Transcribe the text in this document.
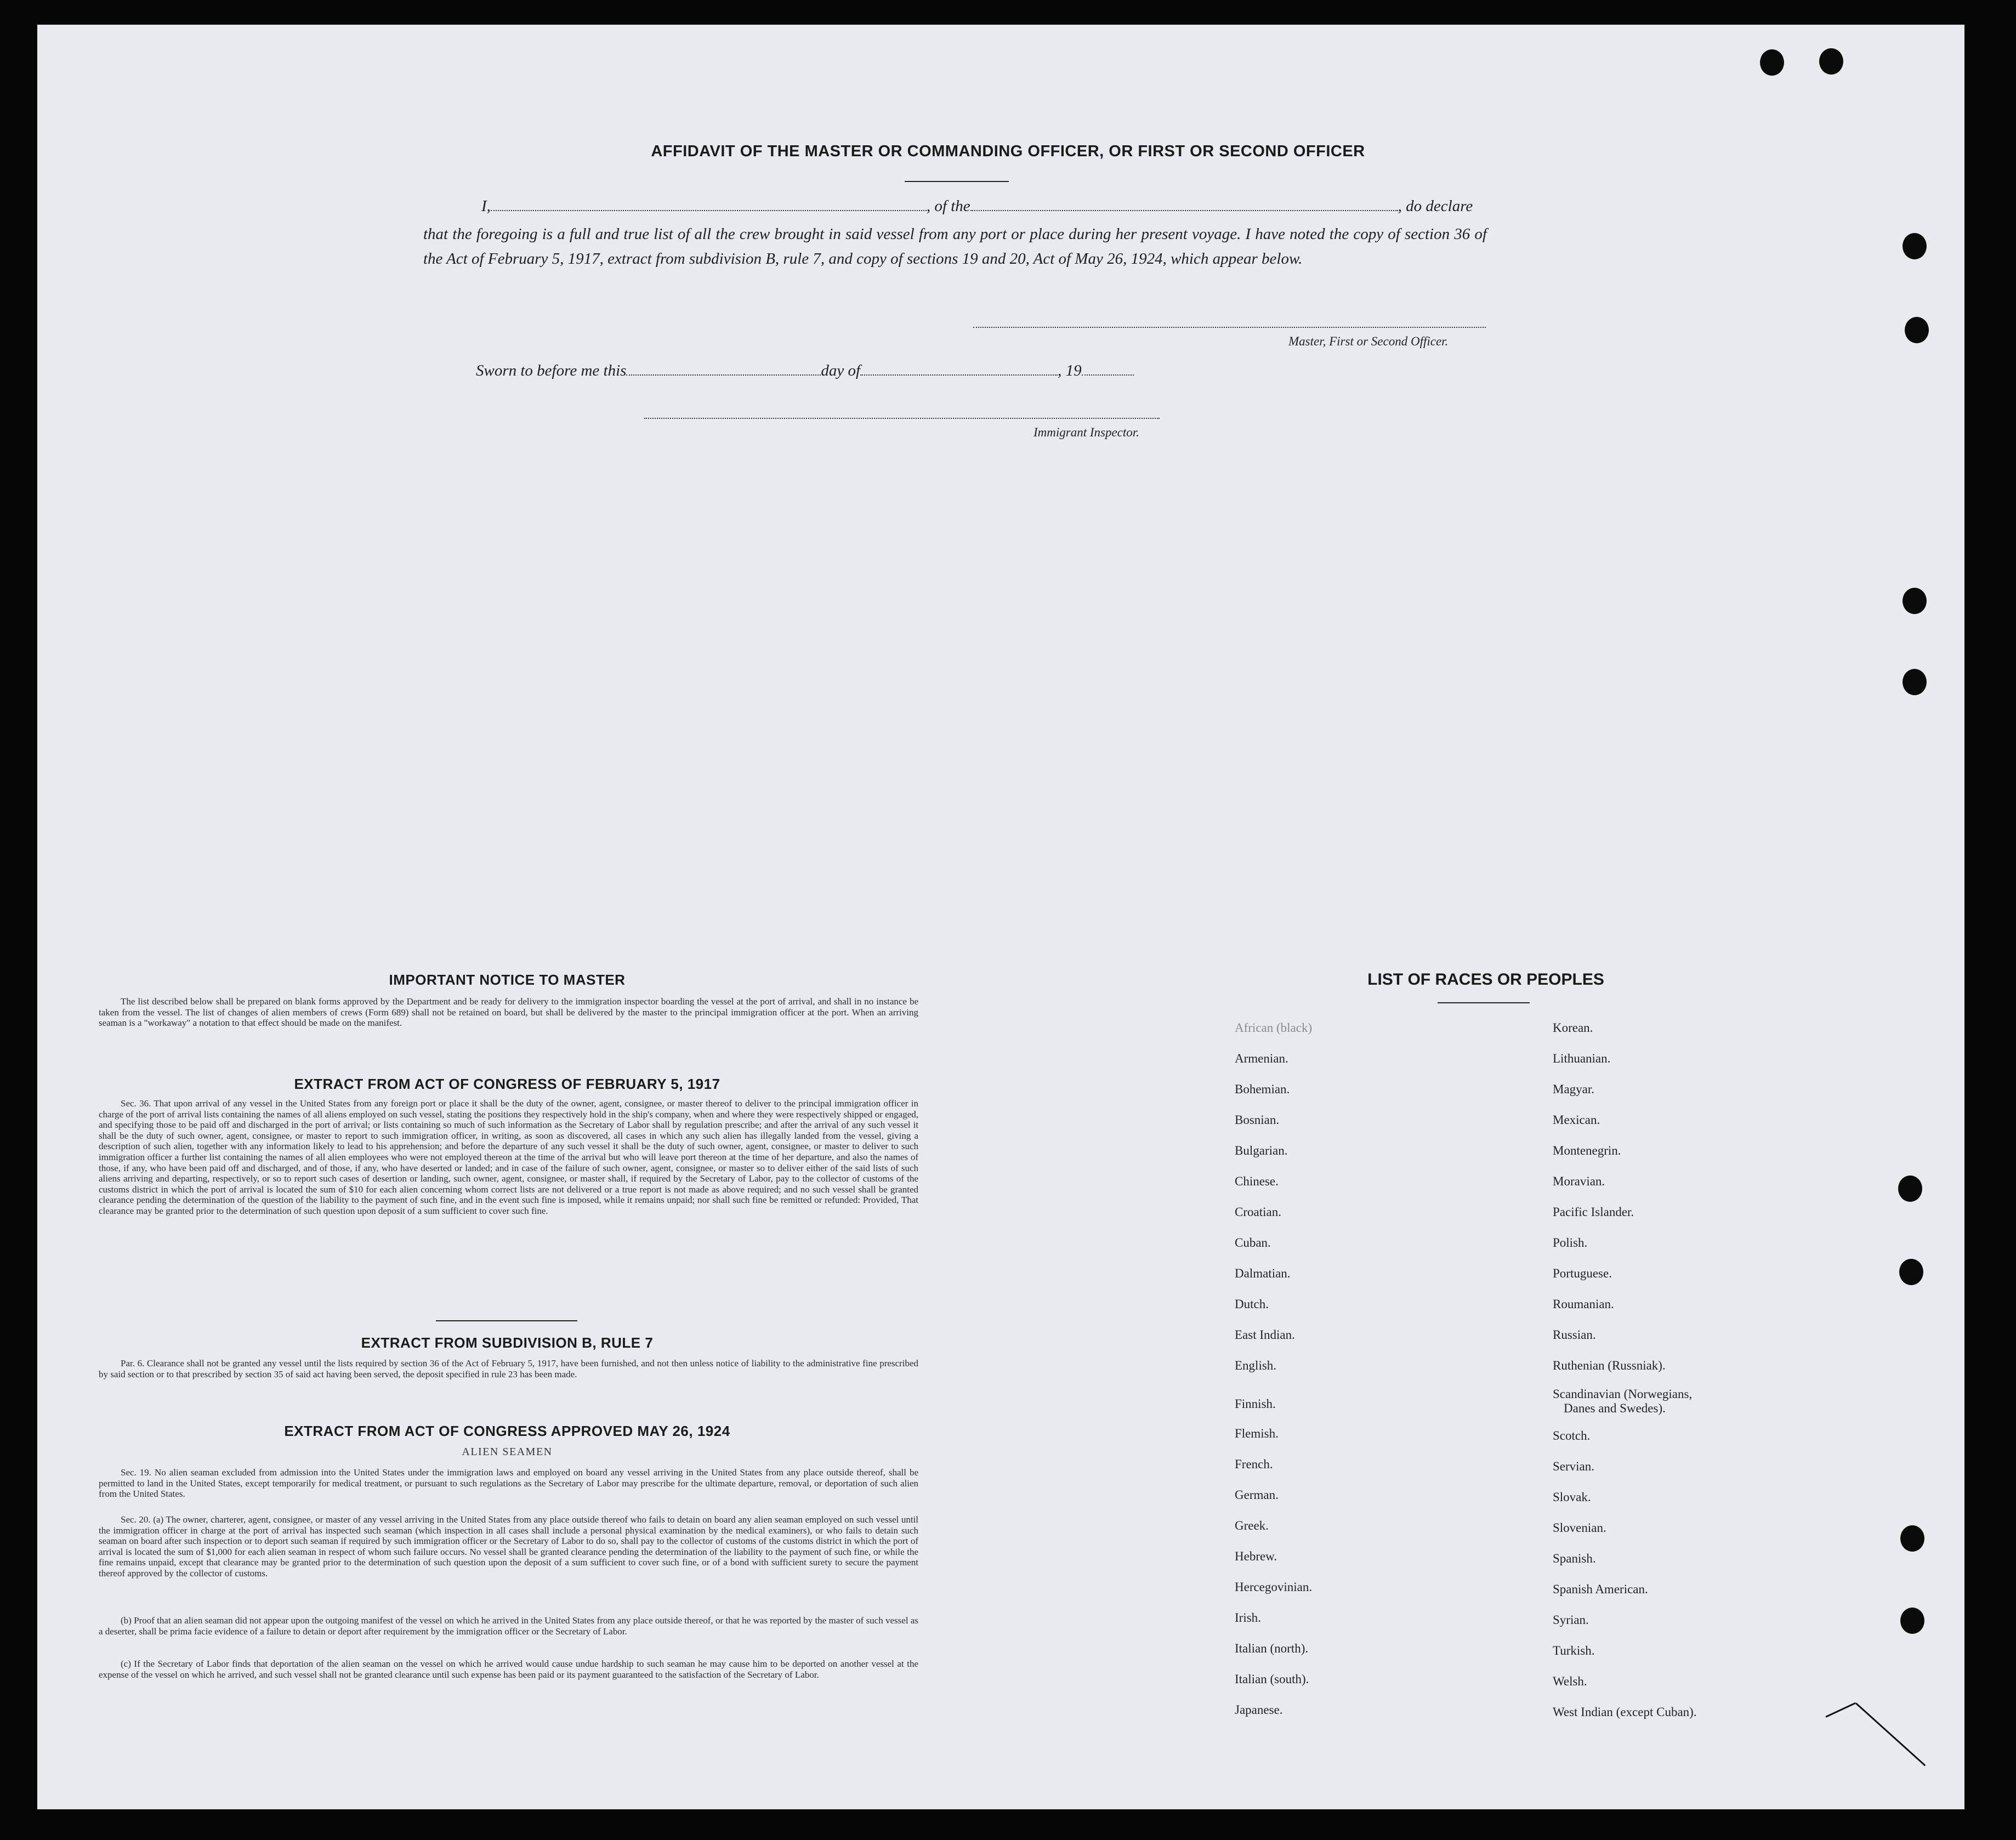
AFFIDAVIT OF THE MASTER OR COMMANDING OFFICER, OR FIRST OR SECOND OFFICER
I,	, of the	, do declare
that the foregoing is a full and true list of all the crew brought in said vessel from any port or place during her present voyage. I have noted the copy of section 36 of the Act of February 5, 1917, extract from subdivision B, rule 7, and copy of sections 19 and 20, Act of May 26, 1924, which appear below.
Master, First or Second Officer.
Sworn to before me this	day of	, 19
Immigrant Inspector.
IMPORTANT NOTICE TO MASTER
The list described below shall be prepared on blank forms approved by the Department and be ready for delivery to the immigration inspector boarding the vessel at the port of arrival, and shall in no instance be taken from the vessel. The list of changes of alien members of crews (Form 689) shall not be retained on board, but shall be delivered by the master to the principal immigration officer at the port. When an arriving seaman is a "workaway" a notation to that effect should be made on the manifest.
EXTRACT FROM ACT OF CONGRESS OF FEBRUARY 5, 1917
Sec. 36. That upon arrival of any vessel in the United States from any foreign port or place it shall be the duty of the owner, agent, consignee, or master thereof to deliver to the principal immigration officer in charge of the port of arrival lists containing the names of all aliens employed on such vessel, stating the positions they respectively hold in the ship's company, when and where they were respectively shipped or engaged, and specifying those to be paid off and discharged in the port of arrival; or lists containing so much of such information as the Secretary of Labor shall by regulation prescribe; and after the arrival of any such vessel it shall be the duty of such owner, agent, consignee, or master to report to such immigration officer, in writing, as soon as discovered, all cases in which any such alien has illegally landed from the vessel, giving a description of such alien, together with any information likely to lead to his apprehension; and before the departure of any such vessel it shall be the duty of such owner, agent, consignee, or master to deliver to such immigration officer a further list containing the names of all alien employees who were not employed thereon at the time of the arrival but who will leave port thereon at the time of her departure, and also the names of those, if any, who have been paid off and discharged, and of those, if any, who have deserted or landed; and in case of the failure of such owner, agent, consignee, or master so to deliver either of the said lists of such aliens arriving and departing, respectively, or so to report such cases of desertion or landing, such owner, agent, consignee, or master shall, if required by the Secretary of Labor, pay to the collector of customs of the customs district in which the port of arrival is located the sum of $10 for each alien concerning whom correct lists are not delivered or a true report is not made as above required; and no such vessel shall be granted clearance pending the determination of the question of the liability to the payment of such fine, and in the event such fine is imposed, while it remains unpaid; nor shall such fine be remitted or refunded: Provided, That clearance may be granted prior to the determination of such question upon deposit of a sum sufficient to cover such fine.
EXTRACT FROM SUBDIVISION B, RULE 7
Par. 6. Clearance shall not be granted any vessel until the lists required by section 36 of the Act of February 5, 1917, have been furnished, and not then unless notice of liability to the administrative fine prescribed by said section or to that prescribed by section 35 of said act having been served, the deposit specified in rule 23 has been made.
EXTRACT FROM ACT OF CONGRESS APPROVED MAY 26, 1924
ALIEN SEAMEN
Sec. 19. No alien seaman excluded from admission into the United States under the immigration laws and employed on board any vessel arriving in the United States from any place outside thereof, shall be permitted to land in the United States, except temporarily for medical treatment, or pursuant to such regulations as the Secretary of Labor may prescribe for the ultimate departure, removal, or deportation of such alien from the United States.
Sec. 20. (a) The owner, charterer, agent, consignee, or master of any vessel arriving in the United States from any place outside thereof who fails to detain on board any alien seaman employed on such vessel until the immigration officer in charge at the port of arrival has inspected such seaman (which inspection in all cases shall include a personal physical examination by the medical examiners), or who fails to detain such seaman on board after such inspection or to deport such seaman if required by such immigration officer or the Secretary of Labor to do so, shall pay to the collector of customs of the customs district in which the port of arrival is located the sum of $1,000 for each alien seaman in respect of whom such failure occurs. No vessel shall be granted clearance pending the determination of the liability to the payment of such fine, or while the fine remains unpaid, except that clearance may be granted prior to the determination of such question upon the deposit of a sum sufficient to cover such fine, or of a bond with sufficient surety to secure the payment thereof approved by the collector of customs.
(b) Proof that an alien seaman did not appear upon the outgoing manifest of the vessel on which he arrived in the United States from any place outside thereof, or that he was reported by the master of such vessel as a deserter, shall be prima facie evidence of a failure to detain or deport after requirement by the immigration officer or the Secretary of Labor.
(c) If the Secretary of Labor finds that deportation of the alien seaman on the vessel on which he arrived would cause undue hardship to such seaman he may cause him to be deported on another vessel at the expense of the vessel on which he arrived, and such vessel shall not be granted clearance until such expense has been paid or its payment guaranteed to the satisfaction of the Secretary of Labor.
LIST OF RACES OR PEOPLES
African (black)
Armenian.
Bohemian.
Bosnian.
Bulgarian.
Chinese.
Croatian.
Cuban.
Dalmatian.
Dutch.
East Indian.
English.
Finnish.
Flemish.
French.
German.
Greek.
Hebrew.
Hercegovinian.
Irish.
Italian (north).
Italian (south).
Japanese.
Korean.
Lithuanian.
Magyar.
Mexican.
Montenegrin.
Moravian.
Pacific Islander.
Polish.
Portuguese.
Roumanian.
Russian.
Ruthenian (Russniak).
Scandinavian (Norwegians,
Danes and Swedes).
Scotch.
Servian.
Slovak.
Slovenian.
Spanish.
Spanish American.
Syrian.
Turkish.
Welsh.
West Indian (except Cuban).
